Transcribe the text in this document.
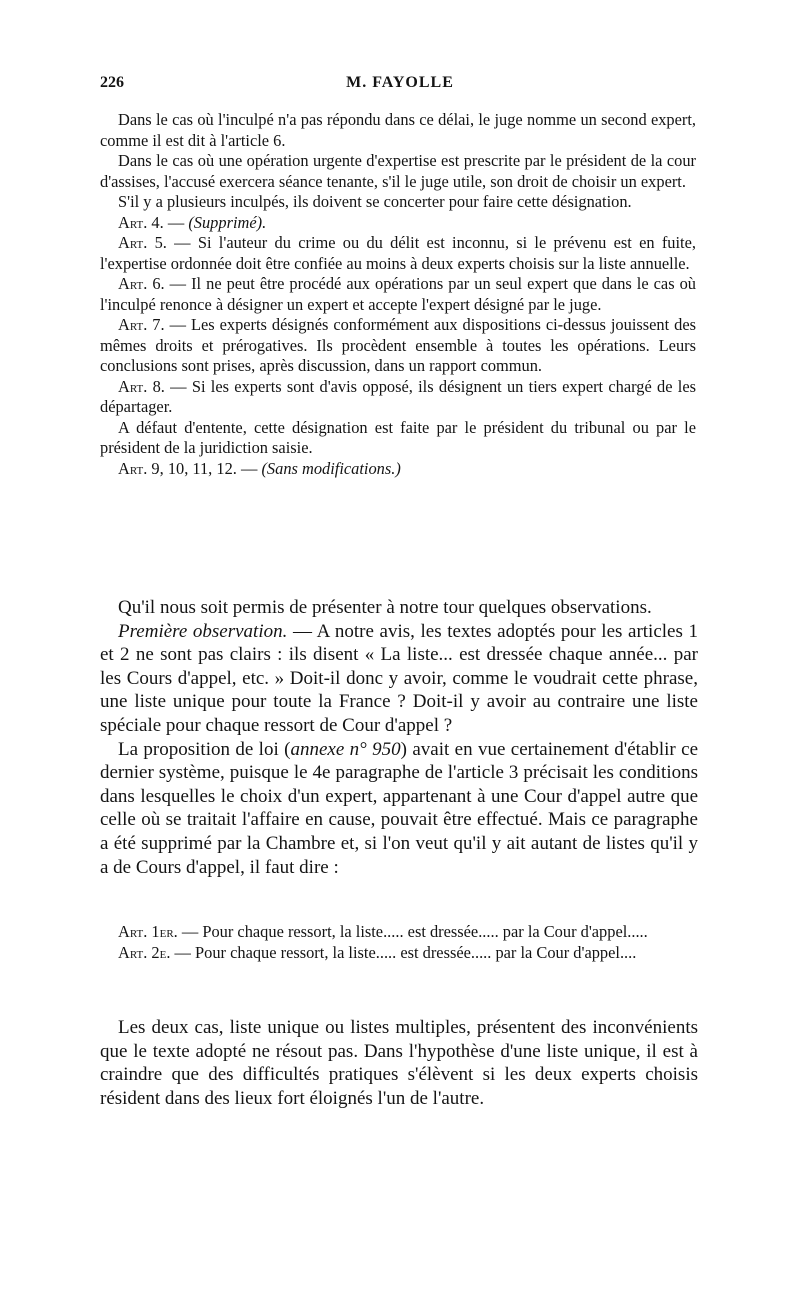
226	M. FAYOLLE

Dans le cas où l'inculpé n'a pas répondu dans ce délai, le juge nomme un second expert, comme il est dit à l'article 6.

Dans le cas où une opération urgente d'expertise est prescrite par le président de la cour d'assises, l'accusé exercera séance tenante, s'il le juge utile, son droit de choisir un expert.

S'il y a plusieurs inculpés, ils doivent se concerter pour faire cette désignation.

Art. 4. — (Supprimé).

Art. 5. — Si l'auteur du crime ou du délit est inconnu, si le prévenu est en fuite, l'expertise ordonnée doit être confiée au moins à deux experts choisis sur la liste annuelle.

Art. 6. — Il ne peut être procédé aux opérations par un seul expert que dans le cas où l'inculpé renonce à désigner un expert et accepte l'expert désigné par le juge.

Art. 7. — Les experts désignés conformément aux dispositions ci-dessus jouissent des mêmes droits et prérogatives. Ils procèdent ensemble à toutes les opérations. Leurs conclusions sont prises, après discussion, dans un rapport commun.

Art. 8. — Si les experts sont d'avis opposé, ils désignent un tiers expert chargé de les départager.

A défaut d'entente, cette désignation est faite par le président du tribunal ou par le président de la juridiction saisie.

Art. 9, 10, 11, 12. — (Sans modifications.)

Qu'il nous soit permis de présenter à notre tour quelques observations.

Première observation. — A notre avis, les textes adoptés pour les articles 1 et 2 ne sont pas clairs : ils disent « La liste... est dressée chaque année... par les Cours d'appel, etc. » Doit-il donc y avoir, comme le voudrait cette phrase, une liste unique pour toute la France ? Doit-il y avoir au contraire une liste spéciale pour chaque ressort de Cour d'appel ?

La proposition de loi (annexe n° 950) avait en vue certainement d'établir ce dernier système, puisque le 4e paragraphe de l'article 3 précisait les conditions dans lesquelles le choix d'un expert, appartenant à une Cour d'appel autre que celle où se traitait l'affaire en cause, pouvait être effectué. Mais ce paragraphe a été supprimé par la Chambre et, si l'on veut qu'il y ait autant de listes qu'il y a de Cours d'appel, il faut dire :

Art. 1er. — Pour chaque ressort, la liste..... est dressée..... par la Cour d'appel.....

Art. 2e. — Pour chaque ressort, la liste..... est dressée..... par la Cour d'appel....

Les deux cas, liste unique ou listes multiples, présentent des inconvénients que le texte adopté ne résout pas. Dans l'hypothèse d'une liste unique, il est à craindre que des difficultés pratiques s'élèvent si les deux experts choisis résident dans des lieux fort éloignés l'un de l'autre.
